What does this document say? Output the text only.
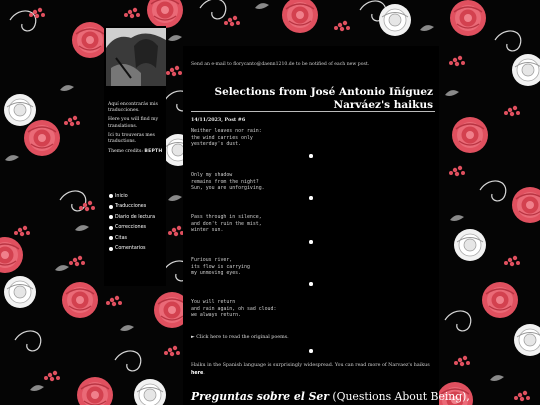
Aquí encontrarás mis traducciones.

Here you will find my translations.

Ici tu trouveras mes traductions.

Theme credits: BEPTH

Inicio
Traducciones
Diario de lectura
Correcciones
Citas
Comentarios
Send an e-mail to florycanto@daenn1210.de to be notified of each new post.
Selections from José Antonio Iñíguez Narváez's haikus
14/11/2023, Post #6
Neither leaves nor rain:
the wind carries only
yesterday's dust.
Only my shadow
remains from the night?
Sun, you are unforgiving.
Pass through in silence,
and don't ruin the mist,
winter sun.
Furious river,
its flow is carrying
my unmoving eyes.
You will return
and rain again, oh sad cloud:
we always return.
► Click here to read the original poems.
Haiku in the Spanish language is surprisingly widespread. You can read more of Narvaez's haikus here.
Preguntas sobre el Ser (Questions About Being),
